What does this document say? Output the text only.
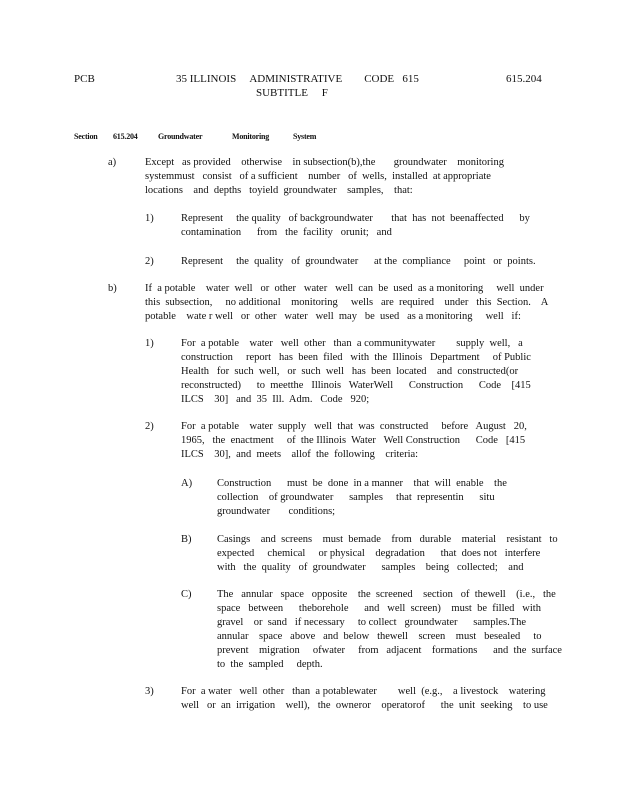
PCB	35 ILLINOIS     ADMINISTRATIVE        CODE   615
SUBTITLE     F
615.204
Section 615.204	Groundwater	Monitoring	System
a)	Except   as provided    otherwise    in subsection(b),the       groundwater    monitoring
systemmust   consist   of a sufficient    number   of  wells,  installed  at appropriate
locations    and  depths   toyield  groundwater    samples,    that:
1)	Represent     the quality   of backgroundwater       that  has  not  beenaffected      by
contamination      from   the  facility   orunit;   and
2)	Represent     the  quality   of  groundwater      at the  compliance     point   or  points.
b)	If  a potable    water  well   or  other   water   well  can  be  used  as a monitoring     well  under
this  subsection,     no additional    monitoring     wells   are  required    under   this  Section.    A
potable    wate r well   or  other   water   well  may   be  used   as a monitoring     well   if:
1)	For  a potable    water   well  other   than  a communitywater        supply  well,   a
construction     report   has  been  filed   with  the  Illinois   Department     of Public
Health   for  such  well,   or  such  well   has  been  located    and  constructed(or
reconstructed)      to  meetthe   Illinois   WaterWell      Construction      Code    [415
ILCS    30]   and  35  Ill.  Adm.   Code   920;
2)	For  a potable    water  supply   well  that  was  constructed     before   August   20,
1965,   the  enactment     of  the Illinois  Water   Well Construction      Code   [415
ILCS    30],  and  meets    allof  the  following    criteria:
A) Construction      must  be  done  in a manner    that  will  enable    the
collection    of groundwater      samples     that  representin      situ
groundwater       conditions;
B) Casings    and  screens    must  bemade    from   durable    material    resistant   to
expected     chemical     or physical    degradation      that  does not   interfere
with   the  quality   of  groundwater      samples    being   collected;    and
C) The   annular   space   opposite    the  screened    section   of  thewell    (i.e.,   the
space   between      theborehole      and   well  screen)    must  be  filled   with
gravel    or  sand   if necessary     to collect   groundwater      samples.The
annular    space   above   and  below   thewell    screen    must   besealed     to
prevent    migration     ofwater     from   adjacent    formations      and  the  surface
to  the  sampled     depth.
3)	For  a water   well  other   than  a potablewater        well  (e.g.,    a livestock    watering
well   or  an  irrigation    well),   the  ownеror    operatorof      the  unit  seeking    to use
